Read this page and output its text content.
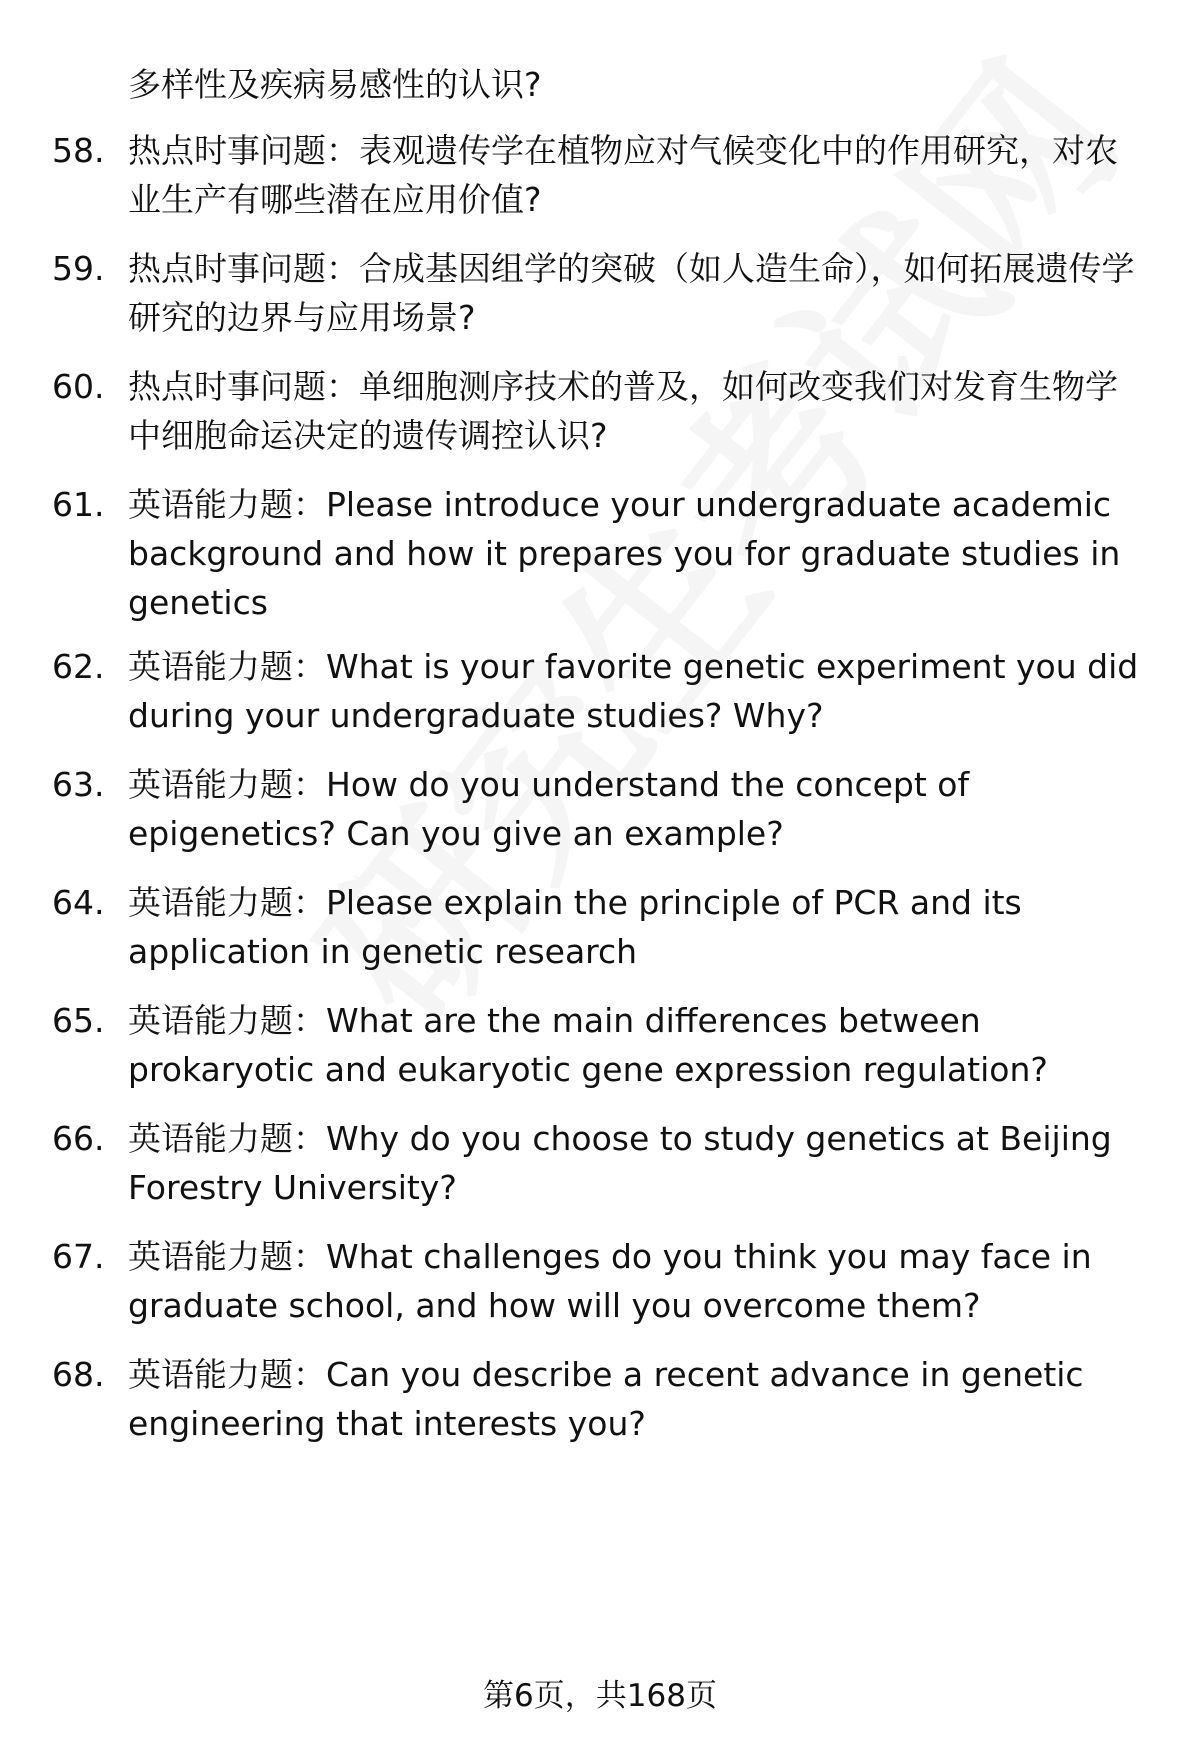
多样性及疾病易感性的认识?
58. 热点时事问题：表观遗传学在植物应对气候变化中的作用研究，对农业生产有哪些潜在应用价值?
59. 热点时事问题：合成基因组学的突破（如人造生命），如何拓展遗传学研究的边界与应用场景?
60. 热点时事问题：单细胞测序技术的普及，如何改变我们对发育生物学中细胞命运决定的遗传调控认识?
61. 英语能力题：Please introduce your undergraduate academic background and how it prepares you for graduate studies in genetics
62. 英语能力题：What is your favorite genetic experiment you did during your undergraduate studies? Why?
63. 英语能力题：How do you understand the concept of epigenetics? Can you give an example?
64. 英语能力题：Please explain the principle of PCR and its application in genetic research
65. 英语能力题：What are the main differences between prokaryotic and eukaryotic gene expression regulation?
66. 英语能力题：Why do you choose to study genetics at Beijing Forestry University?
67. 英语能力题：What challenges do you think you may face in graduate school, and how will you overcome them?
68. 英语能力题：Can you describe a recent advance in genetic engineering that interests you?
第6页，共168页
